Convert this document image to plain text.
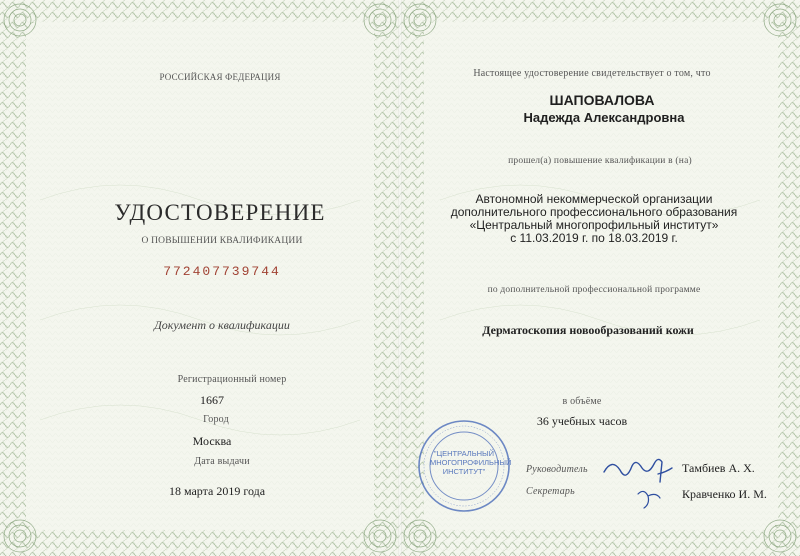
РОССИЙСКАЯ ФЕДЕРАЦИЯ
УДОСТОВЕРЕНИЕ
О ПОВЫШЕНИИ КВАЛИФИКАЦИИ
772407739744
Документ о квалификации
Регистрационный номер
1667
Город
Москва
Дата выдачи
18 марта 2019 года
Настоящее удостоверение свидетельствует о том, что
ШАПОВАЛОВА
Надежда Александровна
прошел(а) повышение квалификации в (на)
Автономной некоммерческой организации
дополнительного профессионального образования
«Центральный многопрофильный институт»
с 11.03.2019 г. по 18.03.2019 г.
по дополнительной профессиональной программе
Дерматоскопия новообразований кожи
в объёме
36 учебных часов
"ЦЕНТРАЛЬНЫЙ МНОГОПРОФИЛЬНЫЙ ИНСТИТУТ"	Руководитель
Секретарь
Тамбиев А. Х.
Кравченко И. М.
